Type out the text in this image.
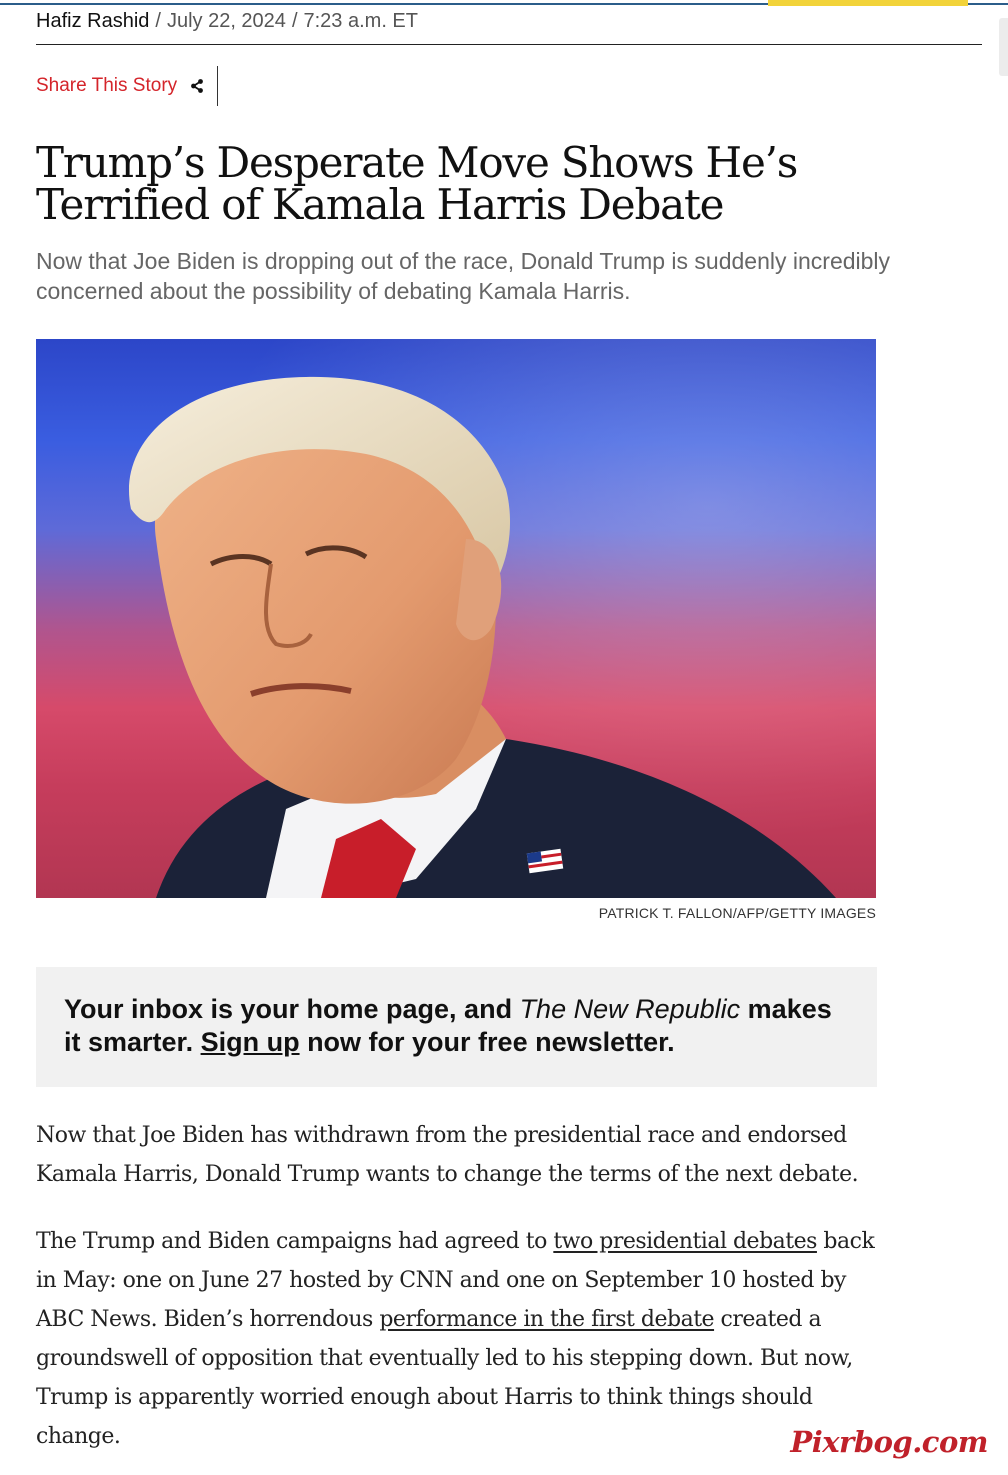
Hafiz Rashid / July 22, 2024 / 7:23 a.m. ET
Share This Story
Trump’s Desperate Move Shows He’s Terrified of Kamala Harris Debate

Now that Joe Biden is dropping out of the race, Donald Trump is suddenly incredibly concerned about the possibility of debating Kamala Harris.

PATRICK T. FALLON/AFP/GETTY IMAGES

Your inbox is your home page, and The New Republic makes it smarter. Sign up now for your free newsletter.

Now that Joe Biden has withdrawn from the presidential race and endorsed Kamala Harris, Donald Trump wants to change the terms of the next debate.

The Trump and Biden campaigns had agreed to two presidential debates back in May: one on June 27 hosted by CNN and one on September 10 hosted by ABC News. Biden’s horrendous performance in the first debate created a groundswell of opposition that eventually led to his stepping down. But now, Trump is apparently worried enough about Harris to think things should change.	Pixrbog.com
